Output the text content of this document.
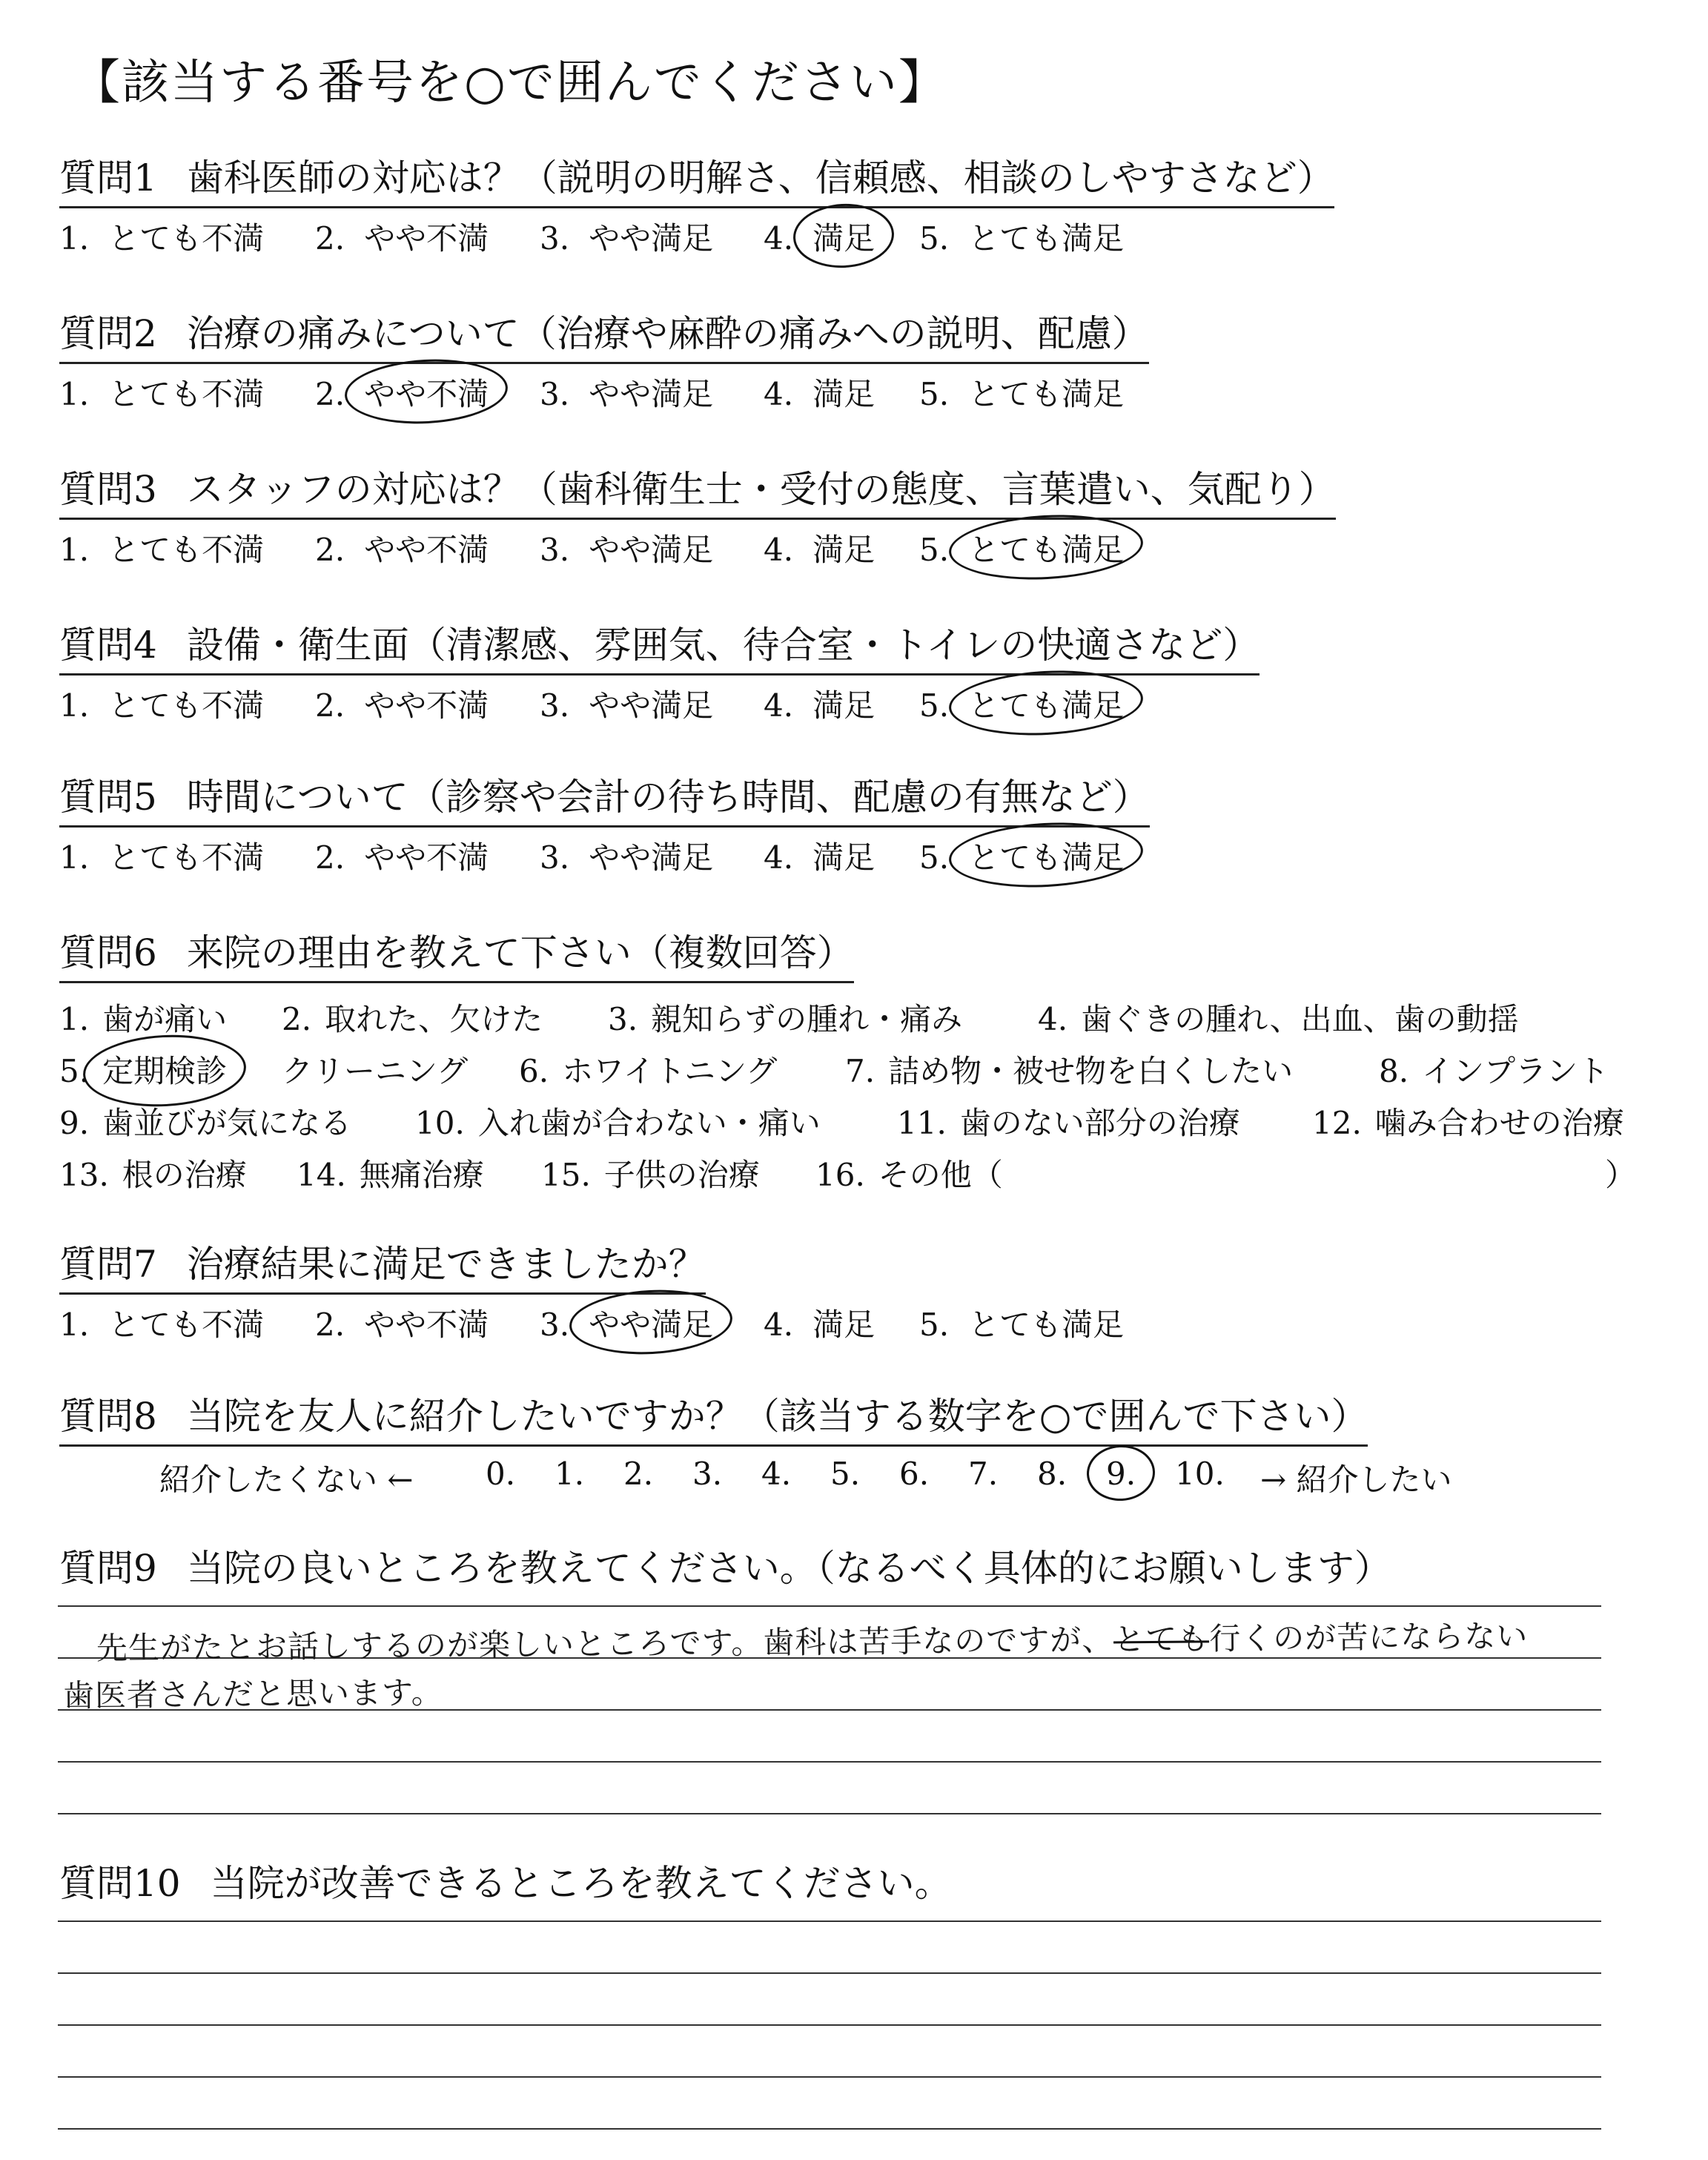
【該当する番号を○で囲んでください】
質問1 歯科医師の対応は？（説明の明解さ、信頼感、相談のしやすさなど）
1. とても不満 2. やや不満 3. やや満足 4. 満足 5. とても満足
質問2 治療の痛みについて（治療や麻酔の痛みへの説明、配慮）
1. とても不満 2. やや不満 3. やや満足 4. 満足 5. とても満足
質問3 スタッフの対応は？（歯科衛生士・受付の態度、言葉遣い、気配り）
1. とても不満 2. やや不満 3. やや満足 4. 満足 5. とても満足
質問4 設備・衛生面（清潔感、雰囲気、待合室・トイレの快適さなど）
1. とても不満 2. やや不満 3. やや満足 4. 満足 5. とても満足
質問5 時間について（診察や会計の待ち時間、配慮の有無など）
1. とても不満 2. やや不満 3. やや満足 4. 満足 5. とても満足
質問6 来院の理由を教えて下さい（複数回答）
1. 歯が痛い 2. 取れた、欠けた 3. 親知らずの腫れ・痛み 4. 歯ぐきの腫れ、出血、歯の動揺
5. 定期検診 クリーニング 6. ホワイトニング 7. 詰め物・被せ物を白くしたい	8. インプラント
9. 歯並びが気になる 10. 入れ歯が合わない・痛い 11. 歯のない部分の治療 12. 噛み合わせの治療
13. 根の治療 14. 無痛治療 15. 子供の治療 16. その他（	）
質問7 治療結果に満足できましたか？
1. とても不満 2. やや不満 3. やや満足 4. 満足 5. とても満足
質問8 当院を友人に紹介したいですか？（該当する数字を○で囲んで下さい）
紹介したくない ← 0. 1. 2. 3. 4. 5. 6. 7. 8. 9. 10. → 紹介したい
質問9 当院の良いところを教えてください。（なるべく具体的にお願いします）
先生がたとお話しするのが楽しいところです。歯科は苦手なのですが、とても行くのが苦にならない
歯医者さんだと思います。
質問10 当院が改善できるところを教えてください。
